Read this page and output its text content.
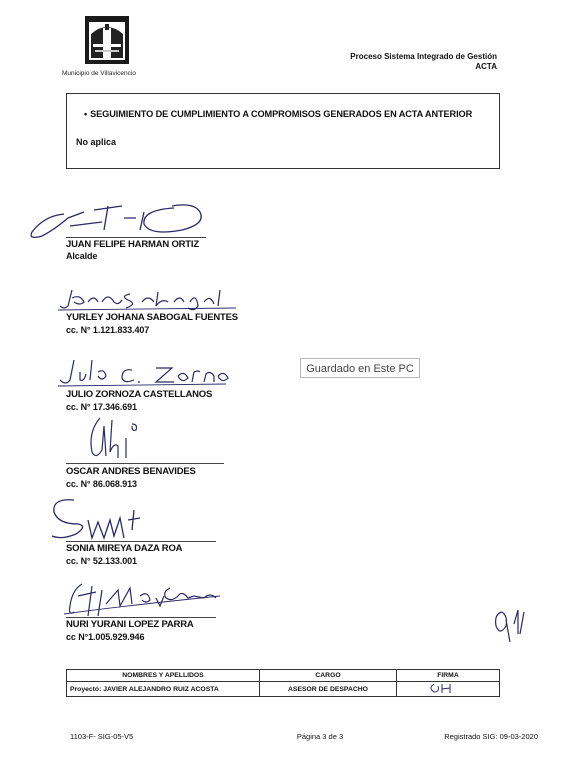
Municipio de Villavicencio
Proceso Sistema Integrado de Gestión
ACTA
• SEGUIMIENTO DE CUMPLIMIENTO A COMPROMISOS GENERADOS EN ACTA ANTERIOR
No aplica
JUAN FELIPE HARMAN ORTIZ
Alcalde
YURLEY JOHANA SABOGAL FUENTES
cc. N° 1.121.833.407
JULIO ZORNOZA CASTELLANOS
cc. N° 17.346.691
Guardado en Este PC
OSCAR ANDRES BENAVIDES
cc. N° 86.068.913
SONIA MIREYA DAZA ROA
cc. N° 52.133.001
NURI YURANI LOPEZ PARRA
cc N°1.005.929.946
NOMBRES Y APELLIDOS	CARGO	FIRMA
Proyectó: JAVIER ALEJANDRO RUIZ ACOSTA	ASESOR DE DESPACHO	
1103-F- SIG-05-V5	Página 3 de 3	Registrado SIG: 09-03-2020
